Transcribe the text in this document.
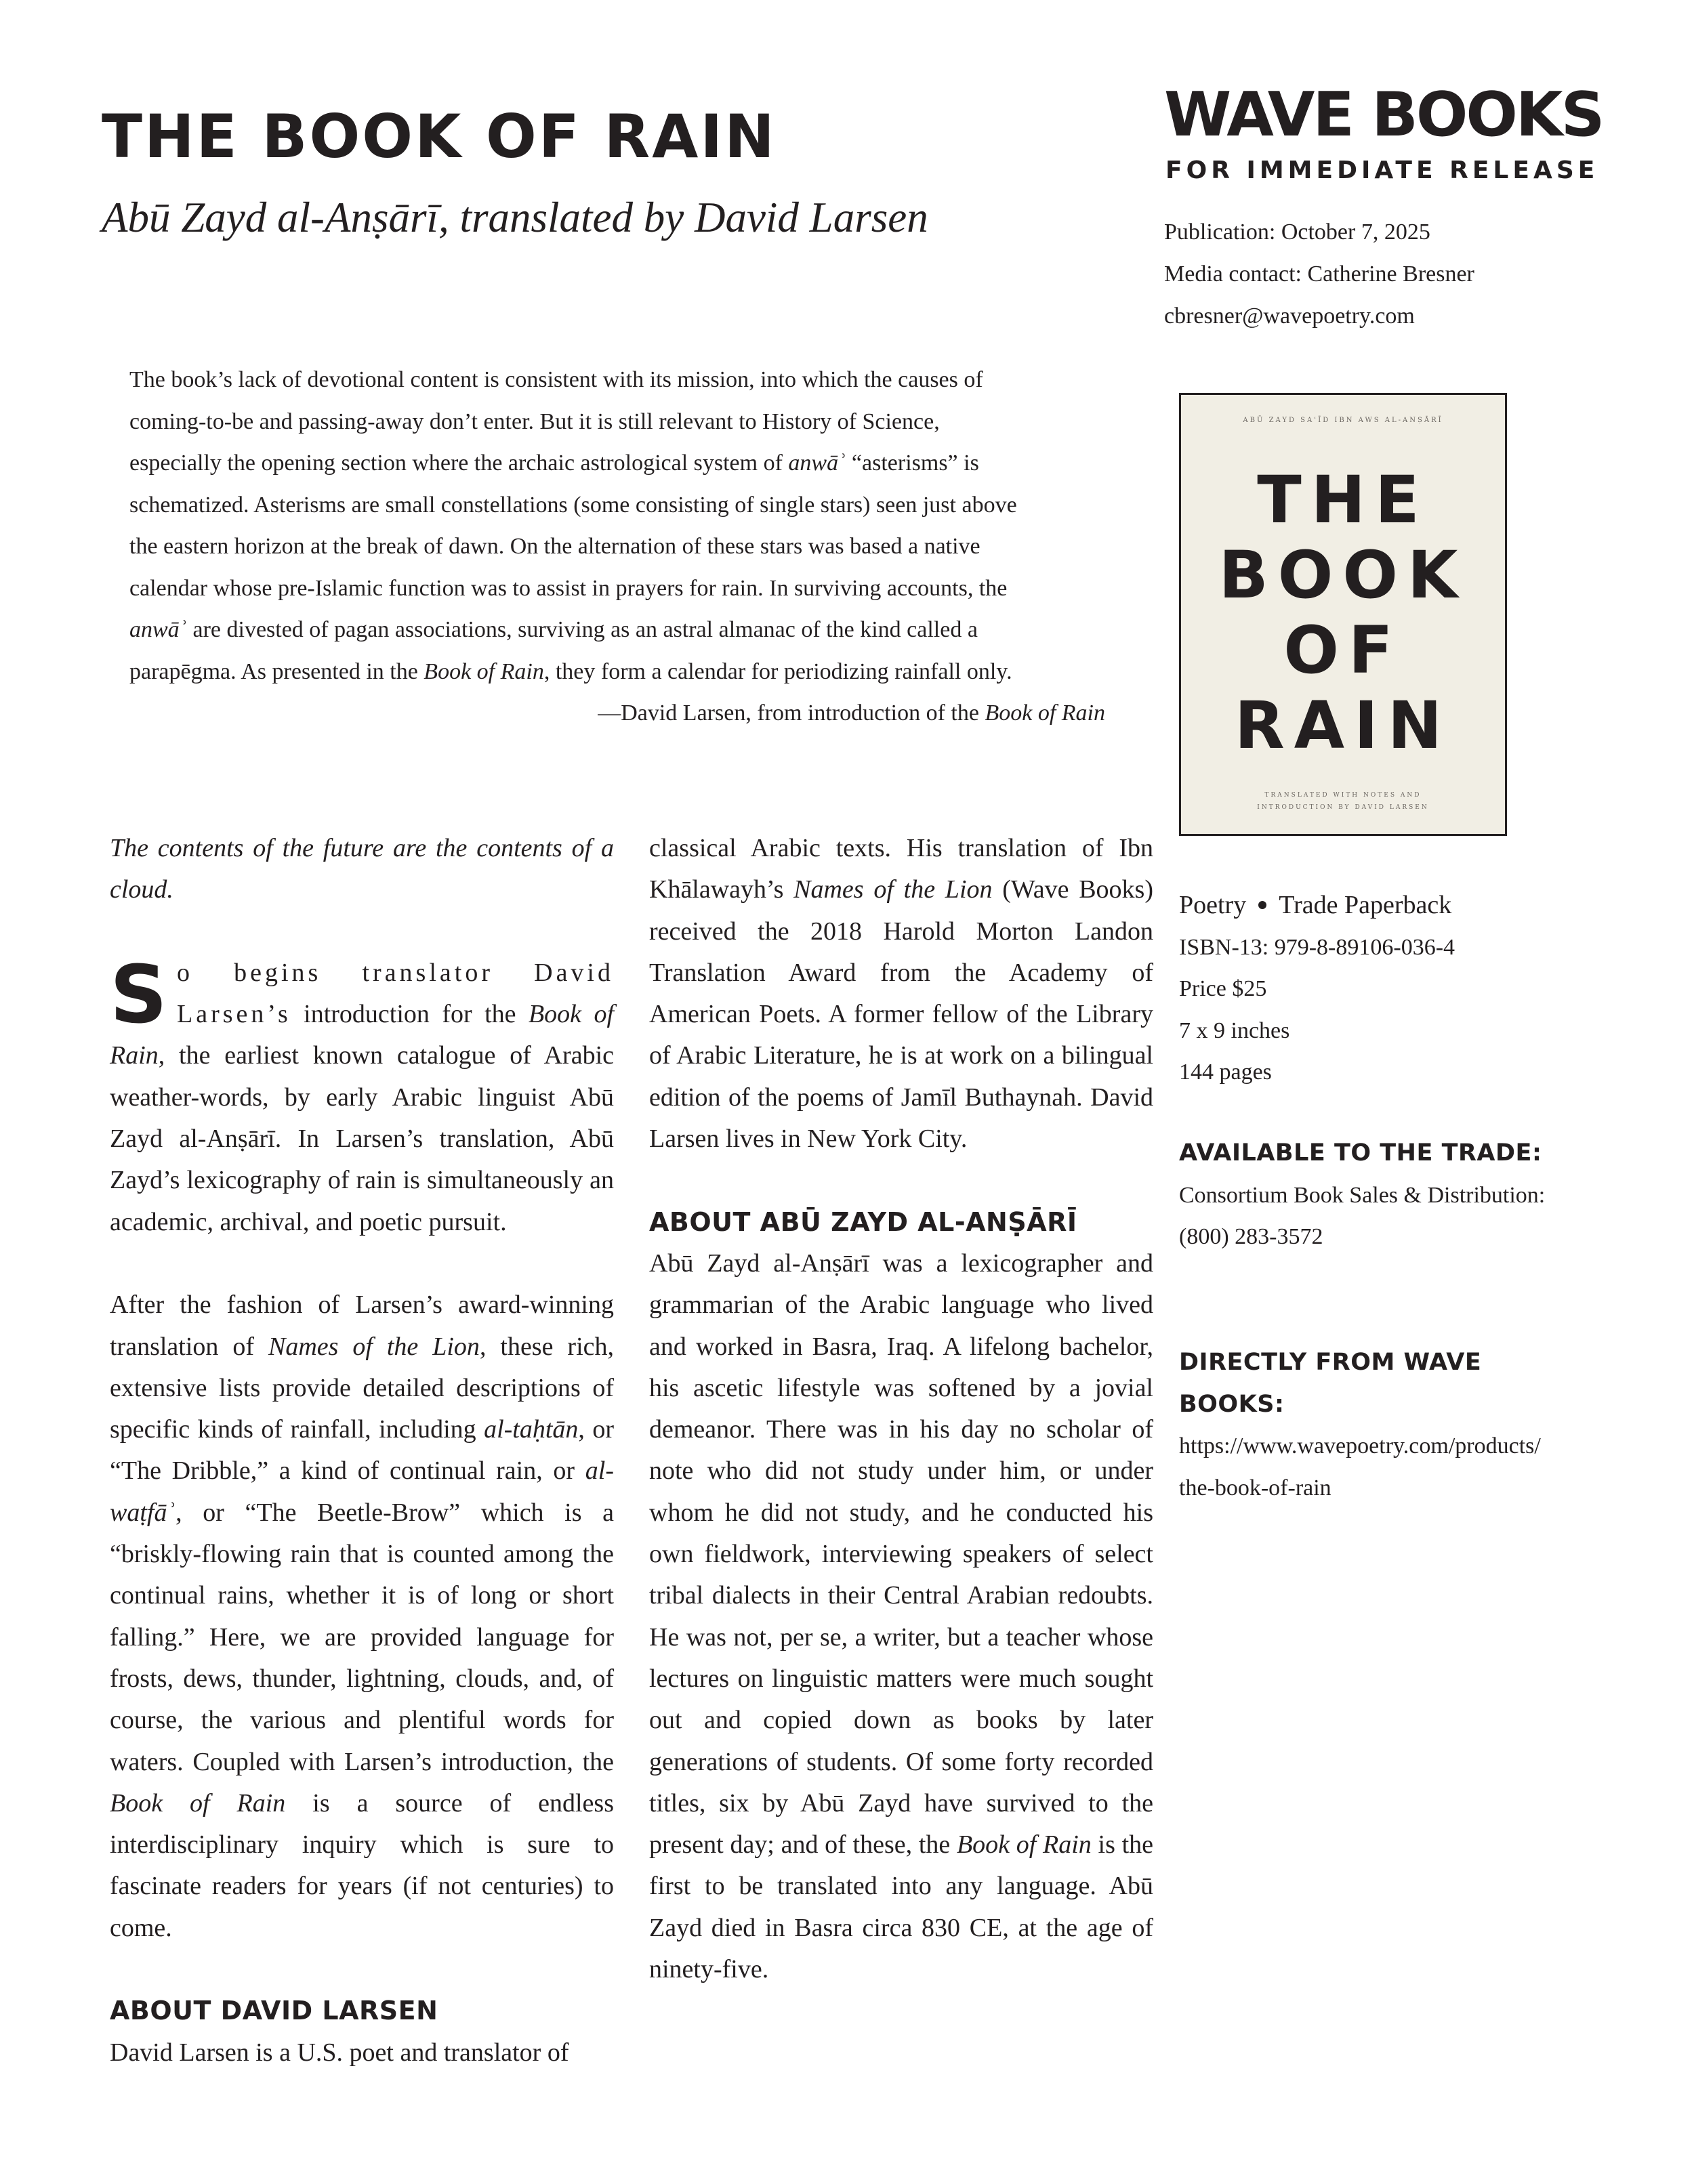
THE BOOK OF RAIN
Abū Zayd al-Anṣārī, translated by David Larsen
WAVE BOOKS
FOR IMMEDIATE RELEASE
Publication: October 7, 2025
Media contact: Catherine Bresner
cbresner@wavepoetry.com
The book’s lack of devotional content is consistent with its mission, into which the causes of
coming-to-be and passing-away don’t enter. But it is still relevant to History of Science,
especially the opening section where the archaic astrological system of anwāʾ “asterisms” is
schematized. Asterisms are small constellations (some consisting of single stars) seen just above
the eastern horizon at the break of dawn. On the alternation of these stars was based a native
calendar whose pre-Islamic function was to assist in prayers for rain. In surviving accounts, the
anwāʾ are divested of pagan associations, surviving as an astral almanac of the kind called a
parapēgma. As presented in the Book of Rain, they form a calendar for periodizing rainfall only.
—David Larsen, from introduction of the Book of Rain
ABŪ ZAYD SAʿĪD IBN AWS AL-ANṢĀRĪ
THE
BOOK
OF
RAIN
TRANSLATED WITH NOTES AND
INTRODUCTION BY DAVID LARSEN

The contents of the future are the contents of a cloud.

So begins translator David Larsen’s introduction for the Book of Rain, the earliest known catalogue of Arabic weather-words, by early Arabic linguist Abū Zayd al-Anṣārī. In Larsen’s translation, Abū Zayd’s lexicography of rain is simultaneously an academic, archival, and poetic pursuit.

After the fashion of Larsen’s award-winning translation of Names of the Lion, these rich, extensive lists provide detailed descriptions of specific kinds of rainfall, including al-taḥtān, or “The Dribble,” a kind of continual rain, or al-waṭfāʾ, or “The Beetle-Brow” which is a “briskly-flowing rain that is counted among the continual rains, whether it is of long or short falling.” Here, we are provided language for frosts, dews, thunder, lightning, clouds, and, of course, the various and plentiful words for waters. Coupled with Larsen’s introduction, the Book of Rain is a source of endless interdisciplinary inquiry which is sure to fascinate readers for years (if not centuries) to come.

ABOUT DAVID LARSEN

David Larsen is a U.S. poet and translator of

classical Arabic texts. His translation of Ibn Khālawayh’s Names of the Lion (Wave Books) received the 2018 Harold Morton Landon Translation Award from the Academy of American Poets. A former fellow of the Library of Arabic Literature, he is at work on a bilingual edition of the poems of Jamīl Buthaynah. David Larsen lives in New York City.

ABOUT ABŪ ZAYD AL-ANṢĀRĪ

Abū Zayd al-Anṣārī was a lexicographer and grammarian of the Arabic language who lived and worked in Basra, Iraq. A lifelong bachelor, his ascetic lifestyle was softened by a jovial demeanor. There was in his day no scholar of note who did not study under him, or under whom he did not study, and he conducted his own fieldwork, interviewing speakers of select tribal dialects in their Central Arabian redoubts. He was not, per se, a writer, but a teacher whose lectures on linguistic matters were much sought out and copied down as books by later generations of students. Of some forty recorded titles, six by Abū Zayd have survived to the present day; and of these, the Book of Rain is the first to be translated into any language. Abū Zayd died in Basra circa 830 CE, at the age of ninety-five.

Poetry Trade Paperback
ISBN-13: 979-8-89106-036-4
Price $25
7 x 9 inches
144 pages
AVAILABLE TO THE TRADE:
Consortium Book Sales & Distribution:
(800) 283-3572
DIRECTLY FROM WAVE
BOOKS:
https://www.wavepoetry.com/products/
the-book-of-rain
